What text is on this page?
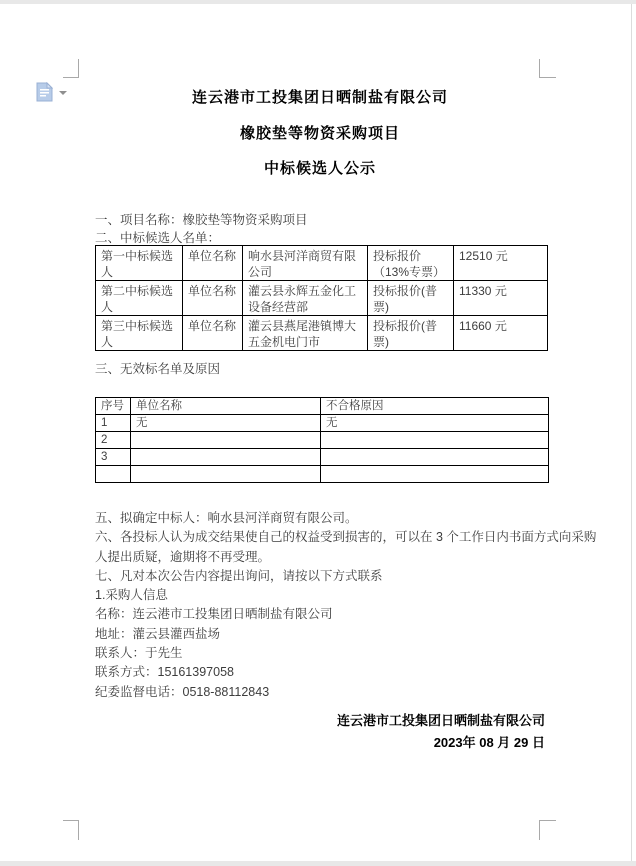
连云港市工投集团日晒制盐有限公司
橡胶垫等物资采购项目
中标候选人公示
一、项目名称：橡胶垫等物资采购项目
二、中标候选人名单：
第一中标候选人	单位名称	响水县河洋商贸有限公司	投标报价（13%专票）	12510 元
第二中标候选人	单位名称	灌云县永辉五金化工设备经营部	投标报价(普票)	11330 元
第三中标候选人	单位名称	灌云县燕尾港镇博大五金机电门市	投标报价(普票)	11660 元
三、无效标名单及原因
序号	单位名称	不合格原因
1	无	无
2		
3		

五、拟确定中标人：响水县河洋商贸有限公司。
六、各投标人认为成交结果使自己的权益受到损害的，可以在 3 个工作日内书面方式向采购
人提出质疑，逾期将不再受理。
七、凡对本次公告内容提出询问，请按以下方式联系
1.采购人信息
名称：连云港市工投集团日晒制盐有限公司
地址：灌云县灌西盐场
联系人：于先生
联系方式：15161397058
纪委监督电话：0518-88112843
连云港市工投集团日晒制盐有限公司
2023年 08 月 29 日
